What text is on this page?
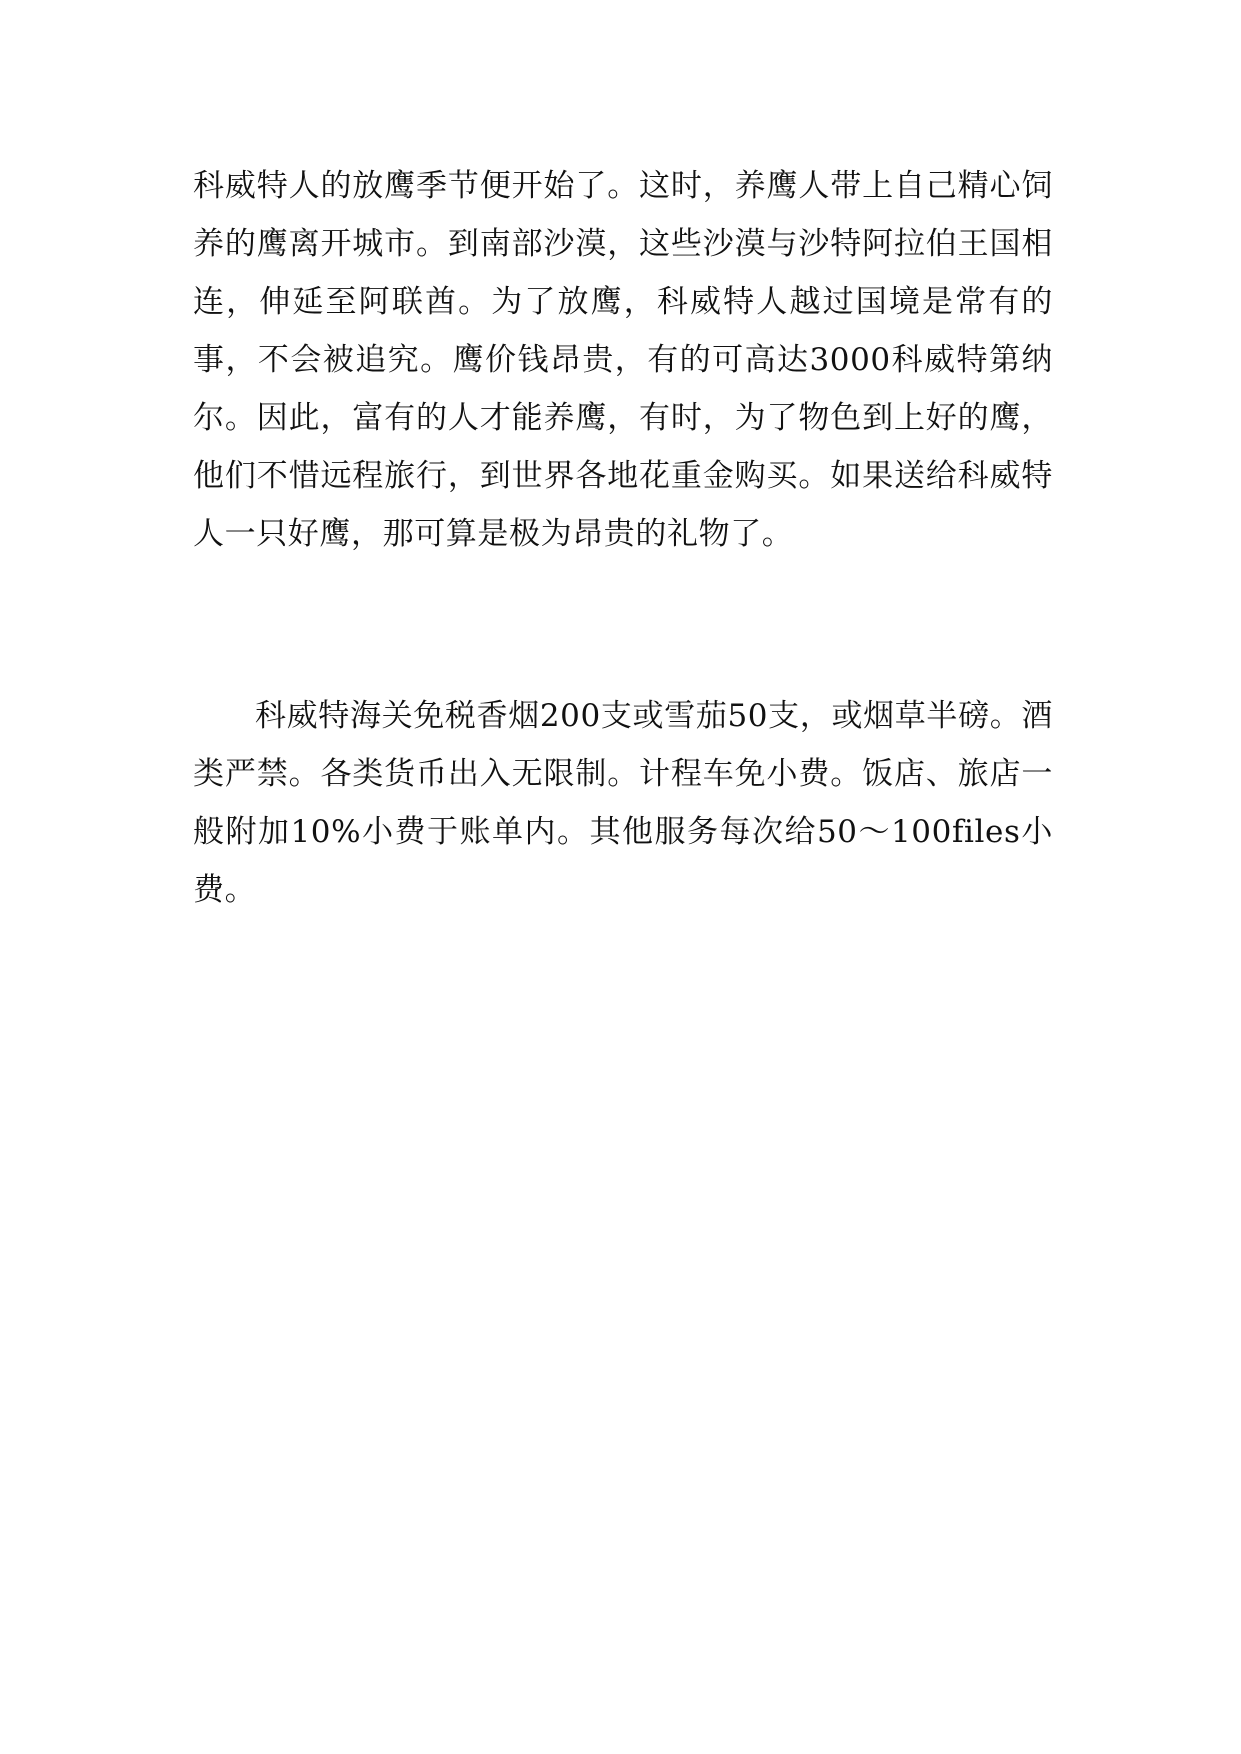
科威特人的放鹰季节便开始了。这时，养鹰人带上自己精心饲养的鹰离开城市。到南部沙漠，这些沙漠与沙特阿拉伯王国相连，伸延至阿联酋。为了放鹰，科威特人越过国境是常有的事，不会被追究。鹰价钱昂贵，有的可高达3000科威特第纳尔。因此，富有的人才能养鹰，有时，为了物色到上好的鹰，他们不惜远程旅行，到世界各地花重金购买。如果送给科威特人一只好鹰，那可算是极为昂贵的礼物了。

科威特海关免税香烟200支或雪茄50支，或烟草半磅。酒类严禁。各类货币出入无限制。计程车免小费。饭店、旅店一般附加10%小费于账单内。其他服务每次给50～100files小费。
